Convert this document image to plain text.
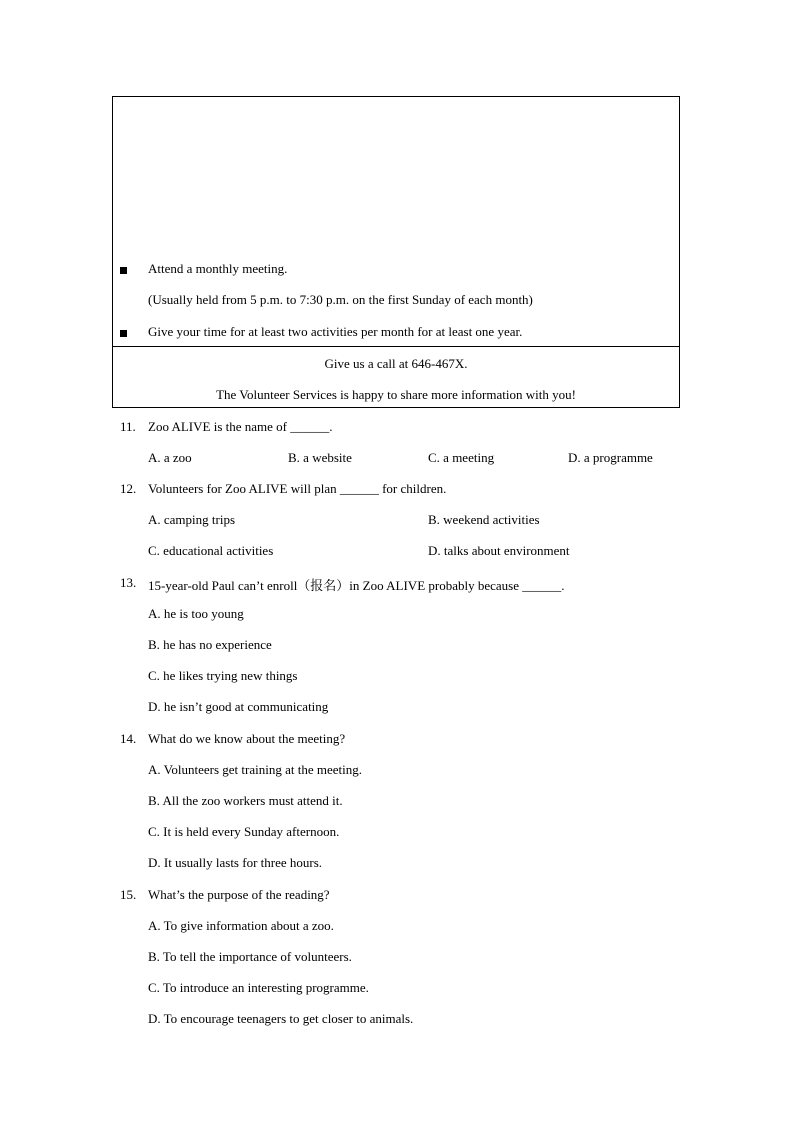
Attend a monthly meeting.
(Usually held from 5 p.m. to 7:30 p.m. on the first Sunday of each month)
Give your time for at least two activities per month for at least one year.
Give us a call at 646-467X.
The Volunteer Services is happy to share more information with you!
11. Zoo ALIVE is the name of ______.
A. a zoo	B. a website	C. a meeting	D. a programme
12. Volunteers for Zoo ALIVE will plan ______ for children.
A. camping trips	B. weekend activities
C. educational activities	D. talks about environment
13. 15-year-old Paul can’t enroll（报名）in Zoo ALIVE probably because ______.
A. he is too young
B. he has no experience
C. he likes trying new things
D. he isn’t good at communicating
14. What do we know about the meeting?
A. Volunteers get training at the meeting.
B. All the zoo workers must attend it.
C. It is held every Sunday afternoon.
D. It usually lasts for three hours.
15. What’s the purpose of the reading?
A. To give information about a zoo.
B. To tell the importance of volunteers.
C. To introduce an interesting programme.
D. To encourage teenagers to get closer to animals.
